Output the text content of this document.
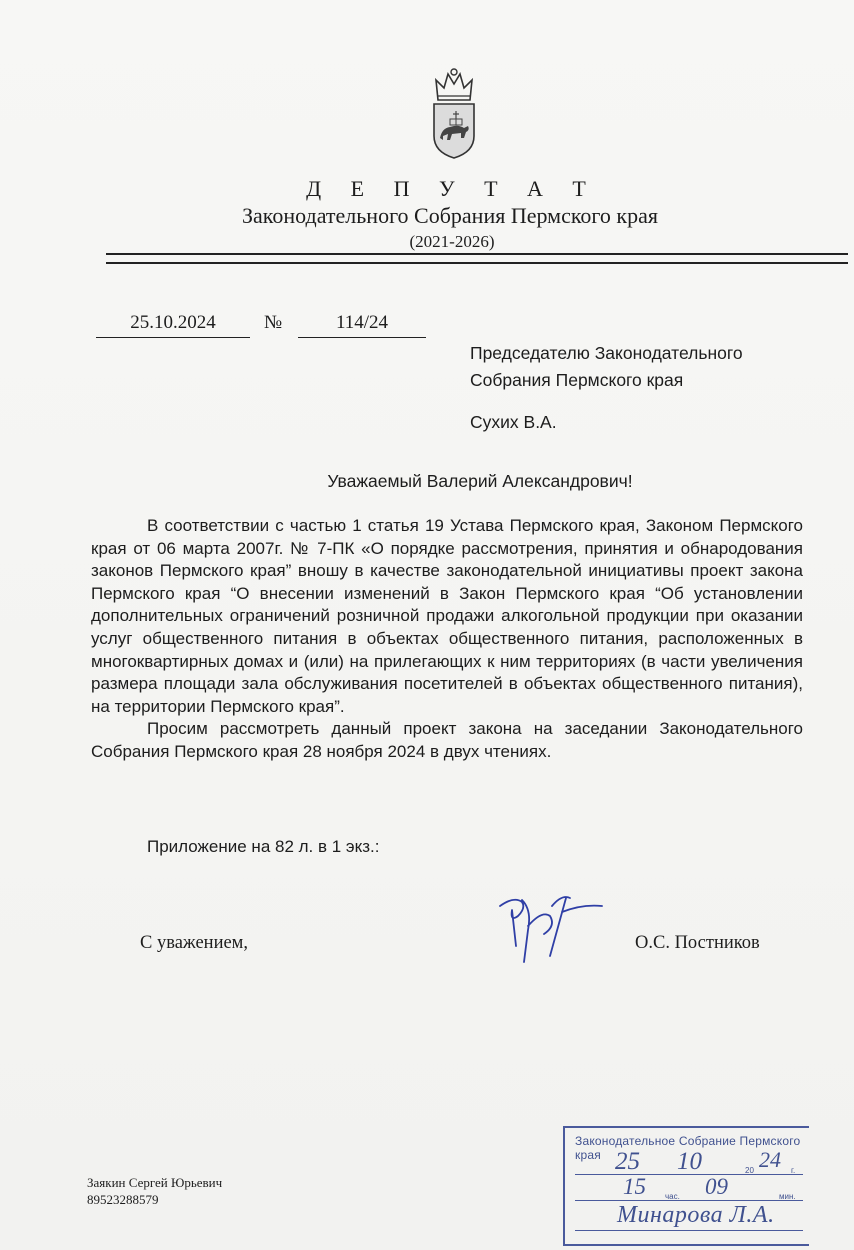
Д Е П У Т А Т
Законодательного Собрания Пермского края
(2021-2026)
25.10.2024	№	114/24
Председателю Законодательного
Собрания Пермского края
Сухих В.А.
Уважаемый Валерий Александрович!

В соответствии с частью 1 статья 19 Устава Пермского края, Законом Пермского края от 06 марта 2007г. № 7-ПК «О порядке рассмотрения, принятия и обнародования законов Пермского края” вношу в качестве законодательной инициативы проект закона Пермского края “О внесении изменений в Закон Пермского края “Об установлении дополнительных ограничений розничной продажи алкогольной продукции при оказании услуг общественного питания в объектах общественного питания, расположенных в многоквартирных домах и (или) на прилегающих к ним территориях (в части увеличения размера площади зала обслуживания посетителей в объектах общественного питания), на территории Пермского края”.

Просим рассмотреть данный проект закона на заседании Законодательного Собрания Пермского края 28 ноября 2024 в двух чтениях.

Приложение на 82 л. в 1 экз.:
С уважением,	О.С. Постников
Заякин Сергей Юрьевич
89523288579
Законодательное Собрание Пермского края 25 10	20 24 г.
15 час. 09	мин.
Минарова Л.А.
